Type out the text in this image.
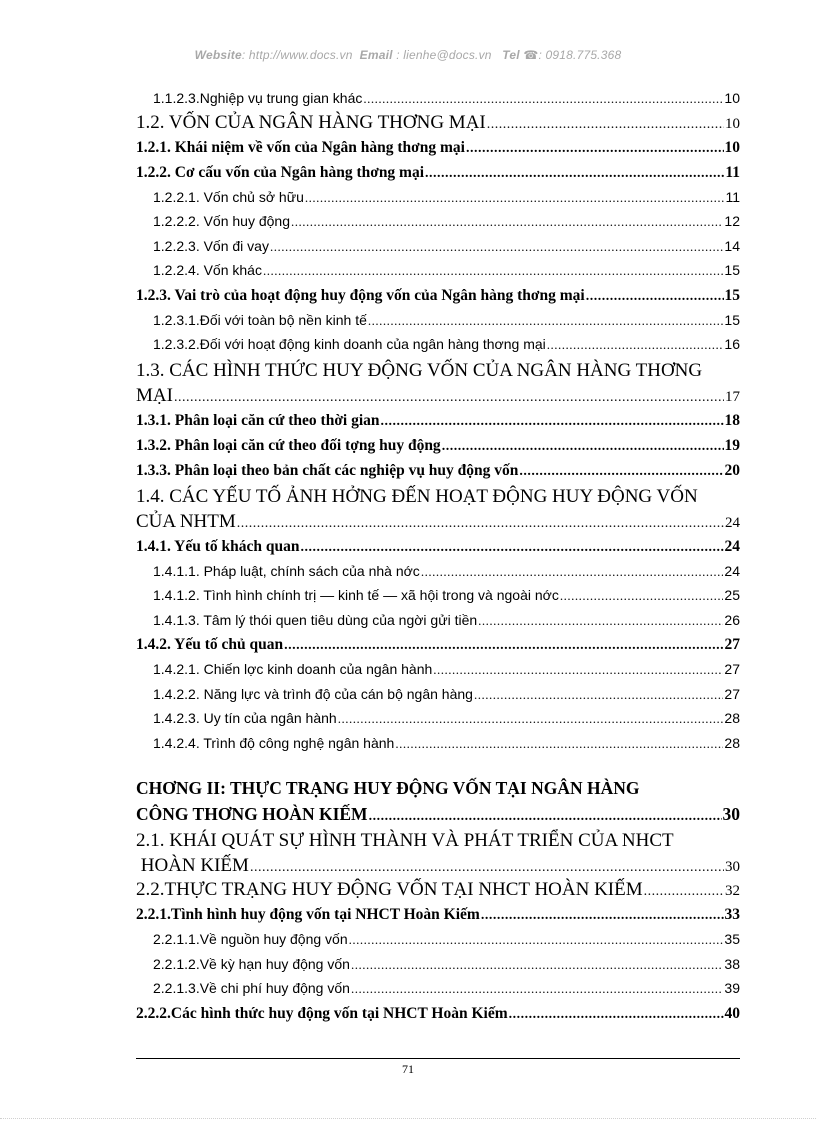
Website: http://www.docs.vn Email : lienhe@docs.vn Tel ☎: 0918.775.368
1.1.2.3.Nghiệp vụ trung gian khác .....	10
1.2. VỐN CỦA NGÂN HÀNG THƠNG MẠI .....	10
1.2.1. Khái niệm về vốn của Ngân hàng thơng mại .....	10
1.2.2. Cơ cấu vốn của Ngân hàng thơng mại .....	11
1.2.2.1. Vốn chủ sở hữu .....	11
1.2.2.2. Vốn huy động .....	12
1.2.2.3. Vốn đi vay .....	14
1.2.2.4. Vốn khác .....	15
1.2.3. Vai trò của hoạt động huy động vốn của Ngân hàng thơng mại .....	15
1.2.3.1.Đối với toàn bộ nền kinh tế .....	15
1.2.3.2.Đối với hoạt động kinh doanh của ngân hàng thơng mại .....	16
1.3. CÁC HÌNH THỨC HUY ĐỘNG VỐN CỦA NGÂN HÀNG THƠNG
MẠI .....	17
1.3.1. Phân loại căn cứ theo thời gian .....	18
1.3.2. Phân loại căn cứ theo đối tợng huy động .....	19
1.3.3. Phân loại theo bản chất các nghiệp vụ huy động vốn .....	20
1.4. CÁC YẾU TỐ ẢNH HỞNG ĐẾN HOẠT ĐỘNG HUY ĐỘNG VỐN
CỦA NHTM .....	24
1.4.1. Yếu tố khách quan .....	24
1.4.1.1. Pháp luật, chính sách của nhà nớc .....	24
1.4.1.2. Tình hình chính trị — kinh tế — xã hội trong và ngoài nớc .....	25
1.4.1.3. Tâm lý thói quen tiêu dùng của ngời gửi tiền .....	26
1.4.2. Yếu tố chủ quan .....	27
1.4.2.1. Chiến lợc kinh doanh của ngân hành .....	27
1.4.2.2. Năng lực và trình độ của cán bộ ngân hàng .....	27
1.4.2.3. Uy tín của ngân hành .....	28
1.4.2.4. Trình độ công nghệ ngân hành .....	28
CHƠNG II: THỰC TRẠNG HUY ĐỘNG VỐN TẠI NGÂN HÀNG
CÔNG THƠNG HOÀN KIẾM .....	30
2.1. KHÁI QUÁT SỰ HÌNH THÀNH VÀ PHÁT TRIỂN CỦA NHCT
HOÀN KIẾM .....	30
2.2.THỰC TRẠNG HUY ĐỘNG VỐN TẠI NHCT HOÀN KIẾM .....	32
2.2.1.Tình hình huy động vốn tại NHCT Hoàn Kiếm .....	33
2.2.1.1.Về nguồn huy động vốn .....	35
2.2.1.2.Về kỳ hạn huy động vốn .....	38
2.2.1.3.Về chi phí huy động vốn .....	39
2.2.2.Các hình thức huy động vốn tại NHCT Hoàn Kiếm .....	40
71
